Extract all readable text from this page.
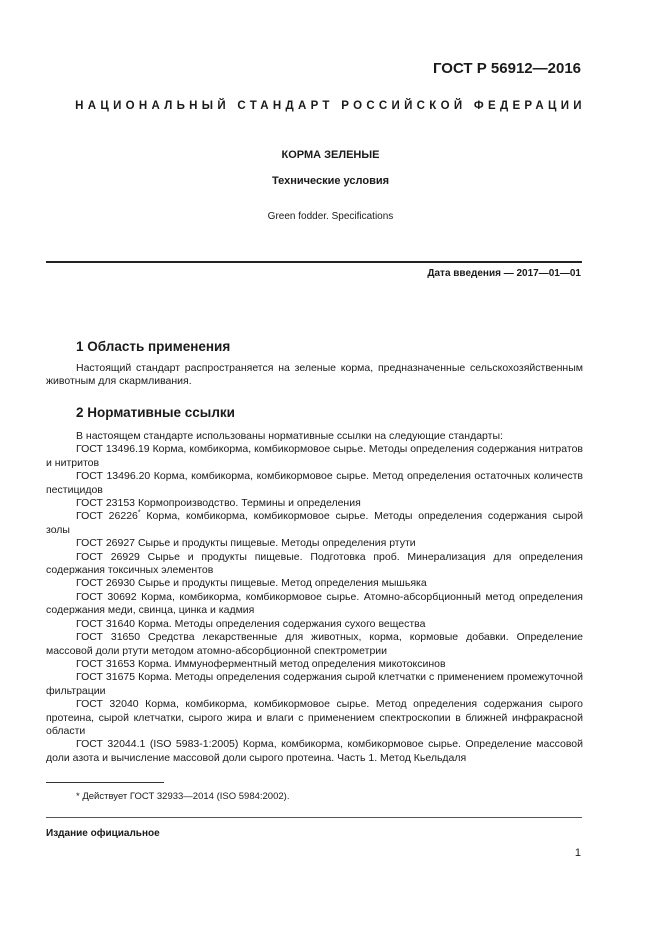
ГОСТ Р 56912—2016
НАЦИОНАЛЬНЫЙ СТАНДАРТ РОССИЙСКОЙ ФЕДЕРАЦИИ
КОРМА ЗЕЛЕНЫЕ
Технические условия
Green fodder. Specifications
Дата введения — 2017—01—01
1 Область применения

Настоящий стандарт распространяется на зеленые корма, предназначенные сельскохозяйственным животным для скармливания.

2 Нормативные ссылки

В настоящем стандарте использованы нормативные ссылки на следующие стандарты:

ГОСТ 13496.19 Корма, комбикорма, комбикормовое сырье. Методы определения содержания нитратов и нитритов

ГОСТ 13496.20 Корма, комбикорма, комбикормовое сырье. Метод определения остаточных количеств пестицидов

ГОСТ 23153 Кормопроизводство. Термины и определения

ГОСТ 26226* Корма, комбикорма, комбикормовое сырье. Методы определения содержания сырой золы

ГОСТ 26927 Сырье и продукты пищевые. Методы определения ртути

ГОСТ 26929 Сырье и продукты пищевые. Подготовка проб. Минерализация для определения содержания токсичных элементов

ГОСТ 26930 Сырье и продукты пищевые. Метод определения мышьяка

ГОСТ 30692 Корма, комбикорма, комбикормовое сырье. Атомно-абсорбционный метод определения содержания меди, свинца, цинка и кадмия

ГОСТ 31640 Корма. Методы определения содержания сухого вещества

ГОСТ 31650 Средства лекарственные для животных, корма, кормовые добавки. Определение массовой доли ртути методом атомно-абсорбционной спектрометрии

ГОСТ 31653 Корма. Иммуноферментный метод определения микотоксинов

ГОСТ 31675 Корма. Методы определения содержания сырой клетчатки с применением промежуточной фильтрации

ГОСТ 32040 Корма, комбикорма, комбикормовое сырье. Метод определения содержания сырого протеина, сырой клетчатки, сырого жира и влаги с применением спектроскопии в ближней инфракрасной области

ГОСТ 32044.1 (ISO 5983-1:2005) Корма, комбикорма, комбикормовое сырье. Определение массовой доли азота и вычисление массовой доли сырого протеина. Часть 1. Метод Кьельдаля

* Действует ГОСТ 32933—2014 (ISO 5984:2002).
Издание официальное
1
